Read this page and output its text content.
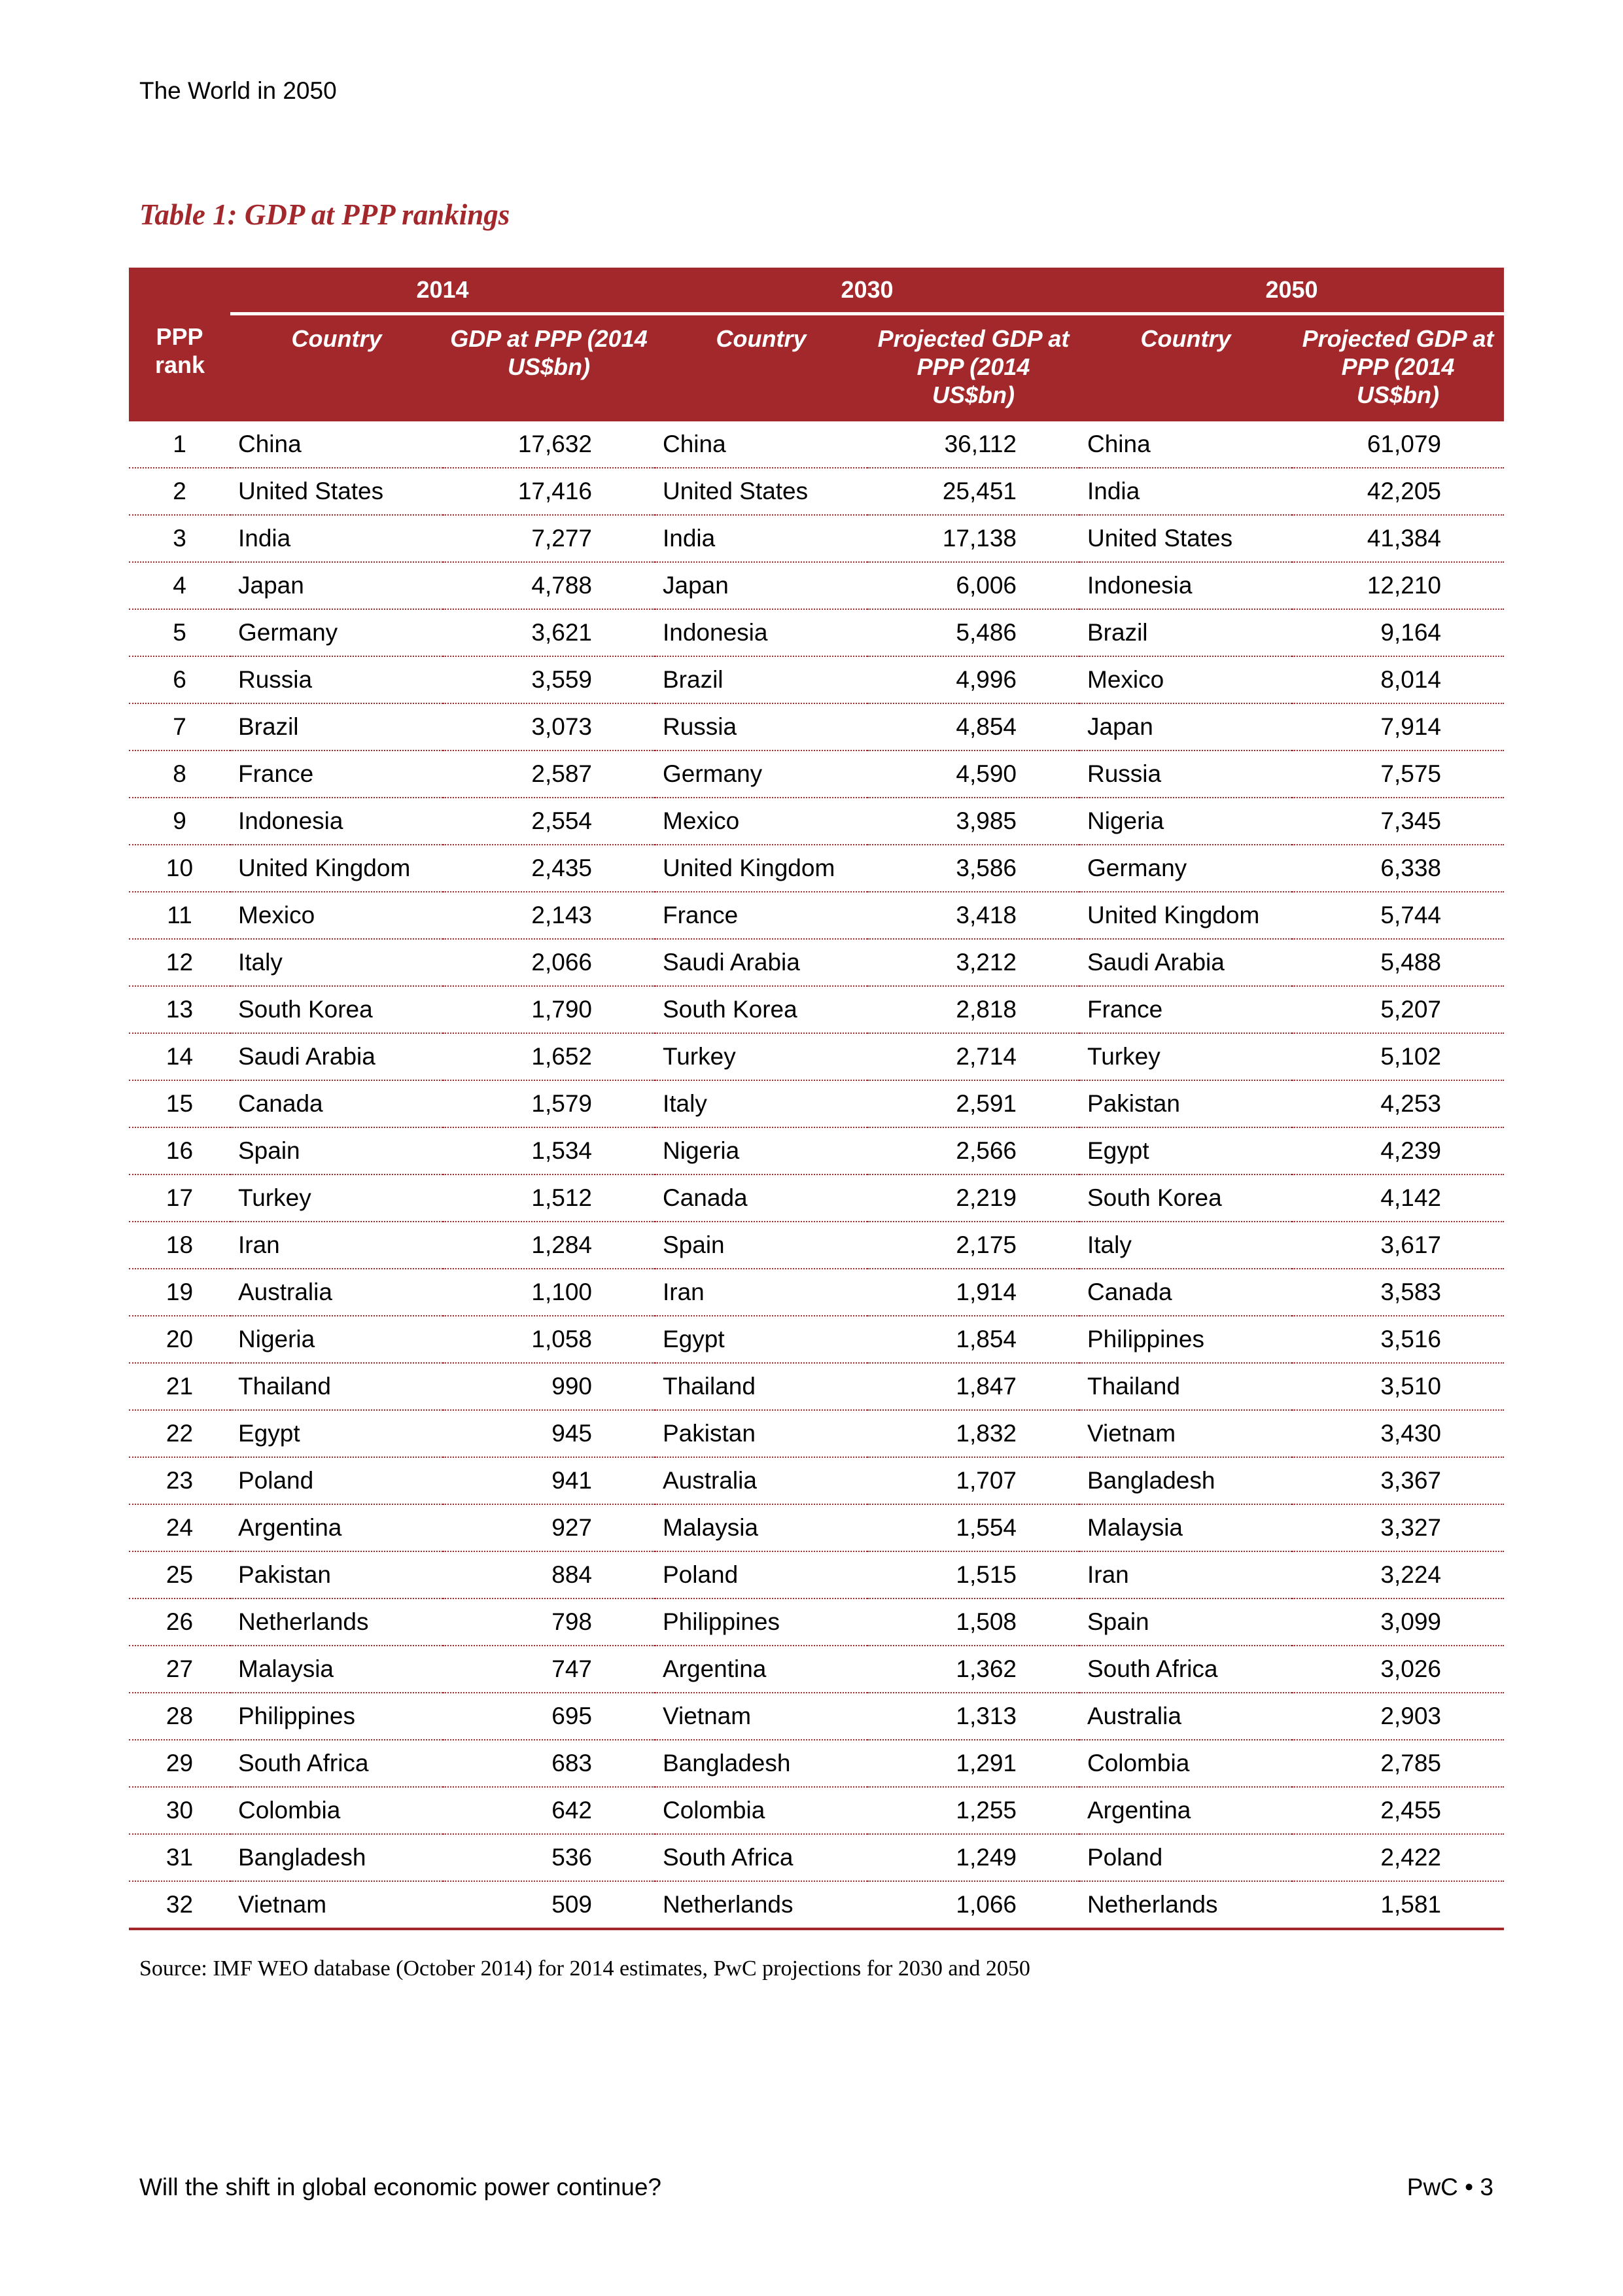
The World in 2050
Table 1: GDP at PPP rankings
PPP rank	2014		2030		2050	
	Country	GDP at PPP (2014 US$bn)	Country	Projected GDP at PPP (2014 US$bn)	Country	Projected GDP at PPP (2014 US$bn)
1	China	17,632	China	36,112	China	61,079
2	United States	17,416	United States	25,451	India	42,205
3	India	7,277	India	17,138	United States	41,384
4	Japan	4,788	Japan	6,006	Indonesia	12,210
5	Germany	3,621	Indonesia	5,486	Brazil	9,164
6	Russia	3,559	Brazil	4,996	Mexico	8,014
7	Brazil	3,073	Russia	4,854	Japan	7,914
8	France	2,587	Germany	4,590	Russia	7,575
9	Indonesia	2,554	Mexico	3,985	Nigeria	7,345
10	United Kingdom	2,435	United Kingdom	3,586	Germany	6,338
11	Mexico	2,143	France	3,418	United Kingdom	5,744
12	Italy	2,066	Saudi Arabia	3,212	Saudi Arabia	5,488
13	South Korea	1,790	South Korea	2,818	France	5,207
14	Saudi Arabia	1,652	Turkey	2,714	Turkey	5,102
15	Canada	1,579	Italy	2,591	Pakistan	4,253
16	Spain	1,534	Nigeria	2,566	Egypt	4,239
17	Turkey	1,512	Canada	2,219	South Korea	4,142
18	Iran	1,284	Spain	2,175	Italy	3,617
19	Australia	1,100	Iran	1,914	Canada	3,583
20	Nigeria	1,058	Egypt	1,854	Philippines	3,516
21	Thailand	990	Thailand	1,847	Thailand	3,510
22	Egypt	945	Pakistan	1,832	Vietnam	3,430
23	Poland	941	Australia	1,707	Bangladesh	3,367
24	Argentina	927	Malaysia	1,554	Malaysia	3,327
25	Pakistan	884	Poland	1,515	Iran	3,224
26	Netherlands	798	Philippines	1,508	Spain	3,099
27	Malaysia	747	Argentina	1,362	South Africa	3,026
28	Philippines	695	Vietnam	1,313	Australia	2,903
29	South Africa	683	Bangladesh	1,291	Colombia	2,785
30	Colombia	642	Colombia	1,255	Argentina	2,455
31	Bangladesh	536	South Africa	1,249	Poland	2,422
32	Vietnam	509	Netherlands	1,066	Netherlands	1,581
Source: IMF WEO database (October 2014) for 2014 estimates, PwC projections for 2030 and 2050
Will the shift in global economic power continue?	PwC • 3
